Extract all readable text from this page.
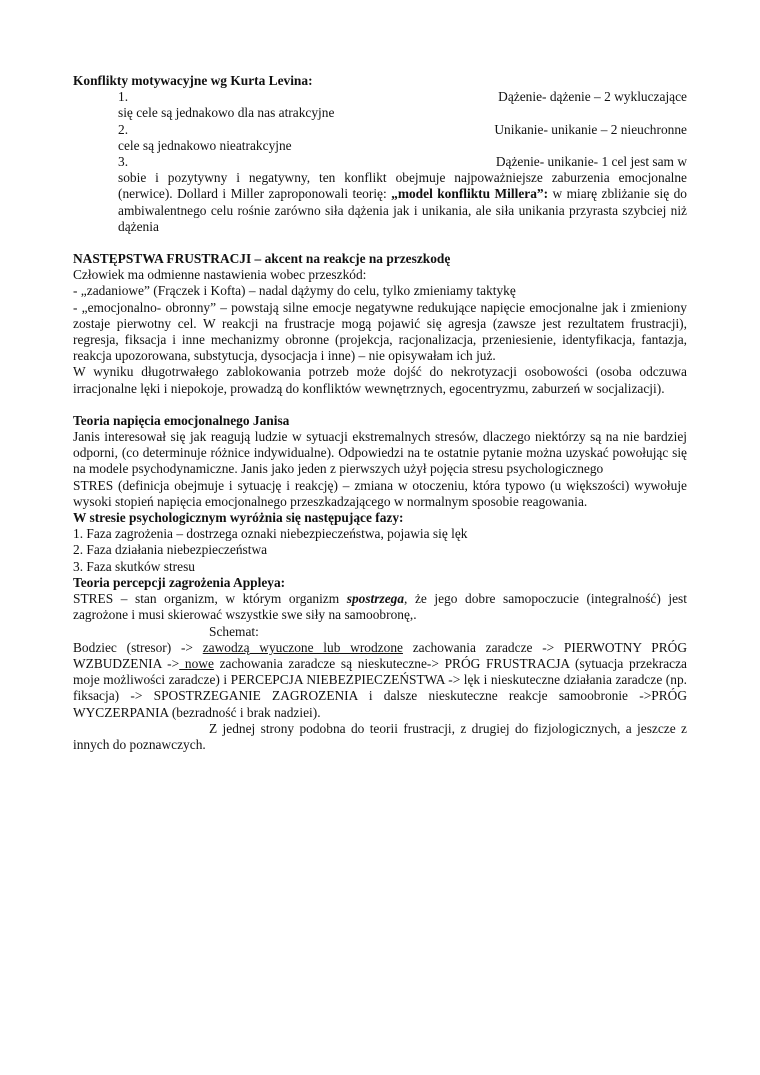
Konflikty motywacyjne wg Kurta Levina:

1.	Dążenie- dążenie – 2 wykluczające

się cele są jednakowo dla nas atrakcyjne

2.	Unikanie- unikanie – 2 nieuchronne

cele są jednakowo nieatrakcyjne

3.	Dążenie- unikanie- 1 cel jest sam w

sobie i pozytywny i negatywny, ten konflikt obejmuje najpoważniejsze zaburzenia emocjonalne (nerwice). Dollard i Miller zaproponowali teorię: „model konfliktu Millera”: w miarę zbliżanie się do ambiwalentnego celu rośnie zarówno siła dążenia jak i unikania, ale siła unikania przyrasta szybciej niż dążenia

NASTĘPSTWA FRUSTRACJI – akcent na reakcje na przeszkodę

Człowiek ma odmienne nastawienia wobec przeszkód:

- „zadaniowe” (Frączek i Kofta) – nadal dążymy do celu, tylko zmieniamy taktykę

- „emocjonalno- obronny” – powstają silne emocje negatywne redukujące napięcie emocjonalne jak i zmieniony zostaje pierwotny cel. W reakcji na frustracje mogą pojawić się agresja (zawsze jest rezultatem frustracji), regresja, fiksacja i inne mechanizmy obronne (projekcja, racjonalizacja, przeniesienie, identyfikacja, fantazja, reakcja upozorowana, substytucja, dysocjacja i inne) – nie opisywałam ich już.

W wyniku długotrwałego zablokowania potrzeb może dojść do nekrotyzacji osobowości (osoba odczuwa irracjonalne lęki i niepokoje, prowadzą do konfliktów wewnętrznych, egocentryzmu, zaburzeń w socjalizacji).

Teoria napięcia emocjonalnego Janisa

Janis interesował się jak reagują ludzie w sytuacji ekstremalnych stresów, dlaczego niektórzy są na nie bardziej odporni, (co determinuje różnice indywidualne). Odpowiedzi na te ostatnie pytanie można uzyskać powołując się na modele psychodynamiczne. Janis jako jeden z pierwszych użył pojęcia stresu psychologicznego

STRES (definicja obejmuje i sytuację i reakcję) – zmiana w otoczeniu, która typowo (u większości) wywołuje wysoki stopień napięcia emocjonalnego przeszkadzającego w normalnym sposobie reagowania.

W stresie psychologicznym wyróżnia się następujące fazy:

1. Faza zagrożenia – dostrzega oznaki niebezpieczeństwa, pojawia się lęk

2. Faza działania niebezpieczeństwa

3. Faza skutków stresu

Teoria percepcji zagrożenia Appleya:

STRES – stan organizm, w którym organizm spostrzega, że jego dobre samopoczucie (integralność) jest zagrożone i musi skierować wszystkie swe siły na samoobronę,.

Schemat:

Bodziec (stresor) -> zawodzą wyuczone lub wrodzone zachowania zaradcze -> PIERWOTNY PRÓG WZBUDZENIA -> nowe zachowania zaradcze są nieskuteczne-> PRÓG FRUSTRACJA (sytuacja przekracza moje możliwości zaradcze) i PERCEPCJA NIEBEZPIECZEŃSTWA -> lęk i nieskuteczne działania zaradcze (np. fiksacja) -> SPOSTRZEGANIE ZAGROZENIA i dalsze nieskuteczne reakcje samoobronie ->PRÓG WYCZERPANIA (bezradność i brak nadziei).

Z jednej strony podobna do teorii frustracji, z drugiej do fizjologicznych, a jeszcze z innych do poznawczych.
